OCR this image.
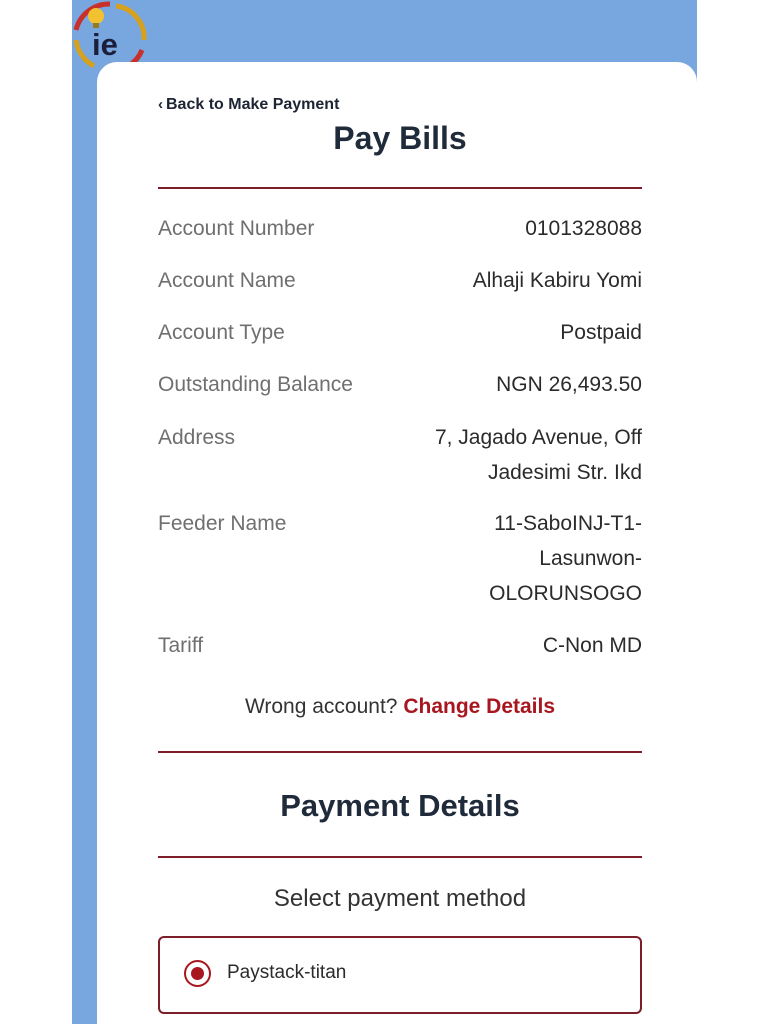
ie
‹ Back to Make Payment
Pay Bills
Account Number	0101328088
Account Name	Alhaji Kabiru Yomi
Account Type	Postpaid
Outstanding Balance	NGN 26,493.50
Address	7, Jagado Avenue, Off
Jadesimi Str. Ikd
Feeder Name	11-SaboINJ-T1-
Lasunwon-
OLORUNSOGO
Tariff	C-Non MD
Wrong account? Change Details
Payment Details
Select payment method
Paystack-titan
